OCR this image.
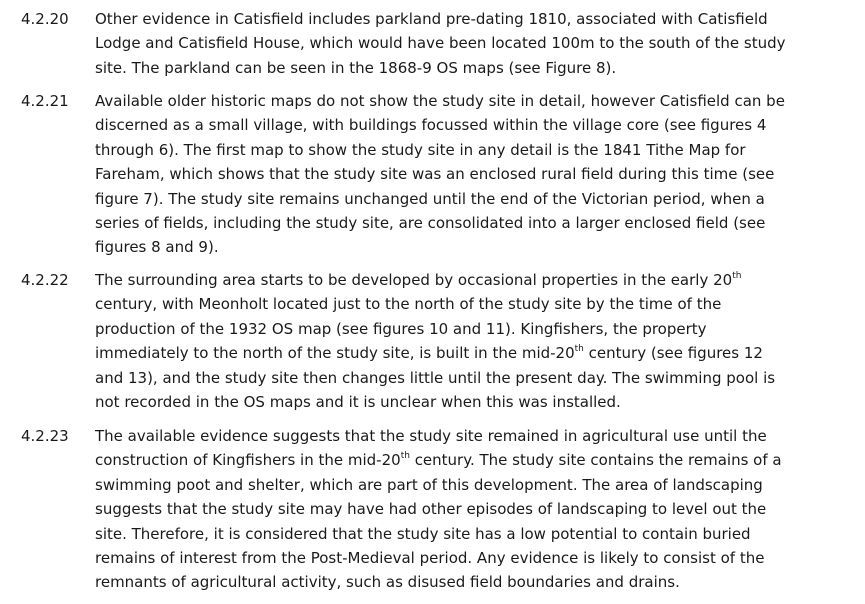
4.2.20 Other evidence in Catisfield includes parkland pre-dating 1810, associated with Catisfield
Lodge and Catisfield House, which would have been located 100m to the south of the study
site. The parkland can be seen in the 1868-9 OS maps (see Figure 8).
4.2.21 Available older historic maps do not show the study site in detail, however Catisfield can be
discerned as a small village, with buildings focussed within the village core (see figures 4
through 6). The first map to show the study site in any detail is the 1841 Tithe Map for
Fareham, which shows that the study site was an enclosed rural field during this time (see
figure 7). The study site remains unchanged until the end of the Victorian period, when a
series of fields, including the study site, are consolidated into a larger enclosed field (see
figures 8 and 9).
4.2.22 The surrounding area starts to be developed by occasional properties in the early 20th
century, with Meonholt located just to the north of the study site by the time of the
production of the 1932 OS map (see figures 10 and 11). Kingfishers, the property
immediately to the north of the study site, is built in the mid-20th century (see figures 12
and 13), and the study site then changes little until the present day. The swimming pool is
not recorded in the OS maps and it is unclear when this was installed.
4.2.23 The available evidence suggests that the study site remained in agricultural use until the
construction of Kingfishers in the mid-20th century. The study site contains the remains of a
swimming poot and shelter, which are part of this development. The area of landscaping
suggests that the study site may have had other episodes of landscaping to level out the
site. Therefore, it is considered that the study site has a low potential to contain buried
remains of interest from the Post-Medieval period. Any evidence is likely to consist of the
remnants of agricultural activity, such as disused field boundaries and drains.
